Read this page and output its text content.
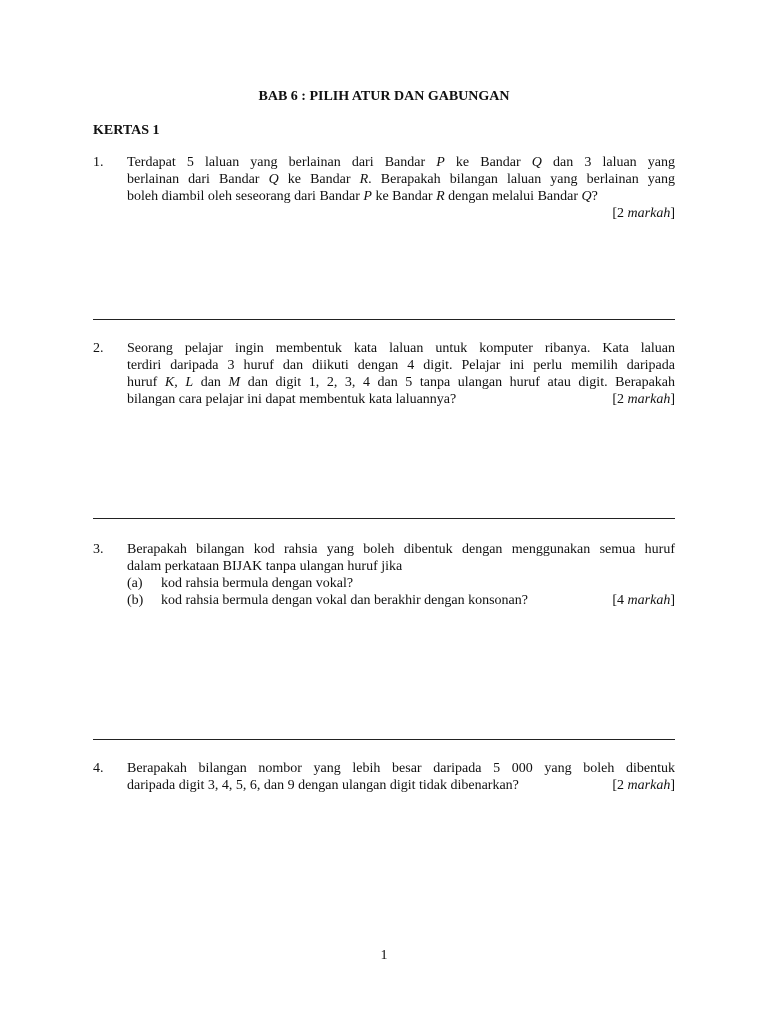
BAB 6 : PILIH ATUR DAN GABUNGAN
KERTAS 1
1. Terdapat 5 laluan yang berlainan dari Bandar P ke Bandar Q dan 3 laluan yang
berlainan dari Bandar Q ke Bandar R. Berapakah bilangan laluan yang berlainan yang
boleh diambil oleh seseorang dari Bandar P ke Bandar R dengan melalui Bandar Q?
[2 markah]
2. Seorang pelajar ingin membentuk kata laluan untuk komputer ribanya. Kata laluan
terdiri daripada 3 huruf dan diikuti dengan 4 digit. Pelajar ini perlu memilih daripada
huruf K, L dan M dan digit 1, 2, 3, 4 dan 5 tanpa ulangan huruf atau digit. Berapakah
bilangan cara pelajar ini dapat membentuk kata laluannya?	[2 markah]
3. Berapakah bilangan kod rahsia yang boleh dibentuk dengan menggunakan semua huruf
dalam perkataan BIJAK tanpa ulangan huruf jika
(a)	kod rahsia bermula dengan vokal?
(b)	kod rahsia bermula dengan vokal dan berakhir dengan konsonan?	[4 markah]
4. Berapakah bilangan nombor yang lebih besar daripada 5 000 yang boleh dibentuk
daripada digit 3, 4, 5, 6, dan 9 dengan ulangan digit tidak dibenarkan?	[2 markah]
1
